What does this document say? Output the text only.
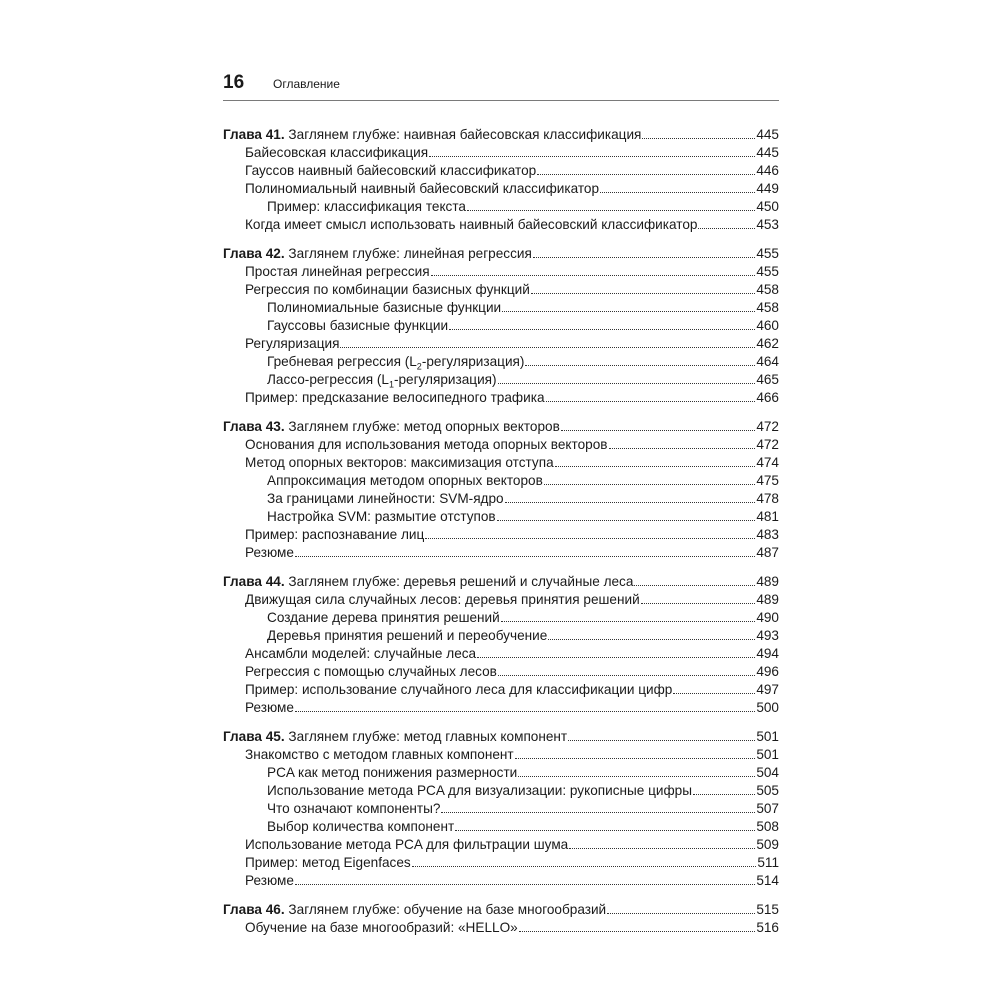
16	Оглавление
Глава 41. Заглянем глубже: наивная байесовская классификация	445
Байесовская классификация	445
Гауссов наивный байесовский классификатор	446
Полиномиальный наивный байесовский классификатор	449
Пример: классификация текста	450
Когда имеет смысл использовать наивный байесовский классификатор	453
Глава 42. Заглянем глубже: линейная регрессия	455
Простая линейная регрессия	455
Регрессия по комбинации базисных функций	458
Полиномиальные базисные функции	458
Гауссовы базисные функции	460
Регуляризация	462
Гребневая регрессия $(L_2-регуляризация)$	464
Лассо-регрессия $(L_1-регуляризация)$	465
Пример: предсказание велосипедного трафика	466
Глава 43. Заглянем глубже: метод опорных векторов	472
Основания для использования метода опорных векторов	472
Метод опорных векторов: максимизация отступа	474
Аппроксимация методом опорных векторов	475
За границами линейности: SVM-ядро	478
Настройка SVM: размытие отступов	481
Пример: распознавание лиц	483
Резюме	487
Глава 44. Заглянем глубже: деревья решений и случайные леса	489
Движущая сила случайных лесов: деревья принятия решений	489
Создание дерева принятия решений	490
Деревья принятия решений и переобучение	493
Ансамбли моделей: случайные леса	494
Регрессия с помощью случайных лесов	496
Пример: использование случайного леса для классификации цифр	497
Резюме	500
Глава 45. Заглянем глубже: метод главных компонент	501
Знакомство с методом главных компонент	501
PCA как метод понижения размерности	504
Использование метода PCA для визуализации: рукописные цифры	505
Что означают компоненты?	507
Выбор количества компонент	508
Использование метода PCA для фильтрации шума	509
Пример: метод Eigenfaces	511
Резюме	514
Глава 46. Заглянем глубже: обучение на базе многообразий	515
Обучение на базе многообразий: «HELLO»	516
